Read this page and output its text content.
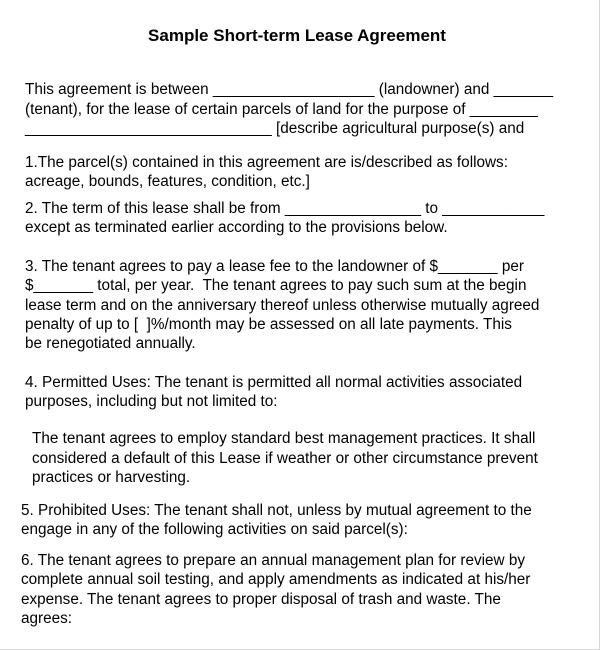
Sample Short-term Lease Agreement
This agreement is between ___________________ (landowner) and _______
(tenant), for the lease of certain parcels of land for the purpose of ________
_____________________________ [describe agricultural purpose(s) and
1.The parcel(s) contained in this agreement are is/described as follows:
acreage, bounds, features, condition, etc.]
2. The term of this lease shall be from ________________ to ____________
except as terminated earlier according to the provisions below.
3. The tenant agrees to pay a lease fee to the landowner of $_______ per
$_______ total, per year.  The tenant agrees to pay such sum at the begin
lease term and on the anniversary thereof unless otherwise mutually agreed
penalty of up to [  ]%/month may be assessed on all late payments. This
be renegotiated annually.
4. Permitted Uses: The tenant is permitted all normal activities associated
purposes, including but not limited to:
The tenant agrees to employ standard best management practices. It shall
considered a default of this Lease if weather or other circumstance prevent
practices or harvesting.
5. Prohibited Uses: The tenant shall not, unless by mutual agreement to the
engage in any of the following activities on said parcel(s):
6. The tenant agrees to prepare an annual management plan for review by
complete annual soil testing, and apply amendments as indicated at his/her
expense. The tenant agrees to proper disposal of trash and waste. The
agrees:
